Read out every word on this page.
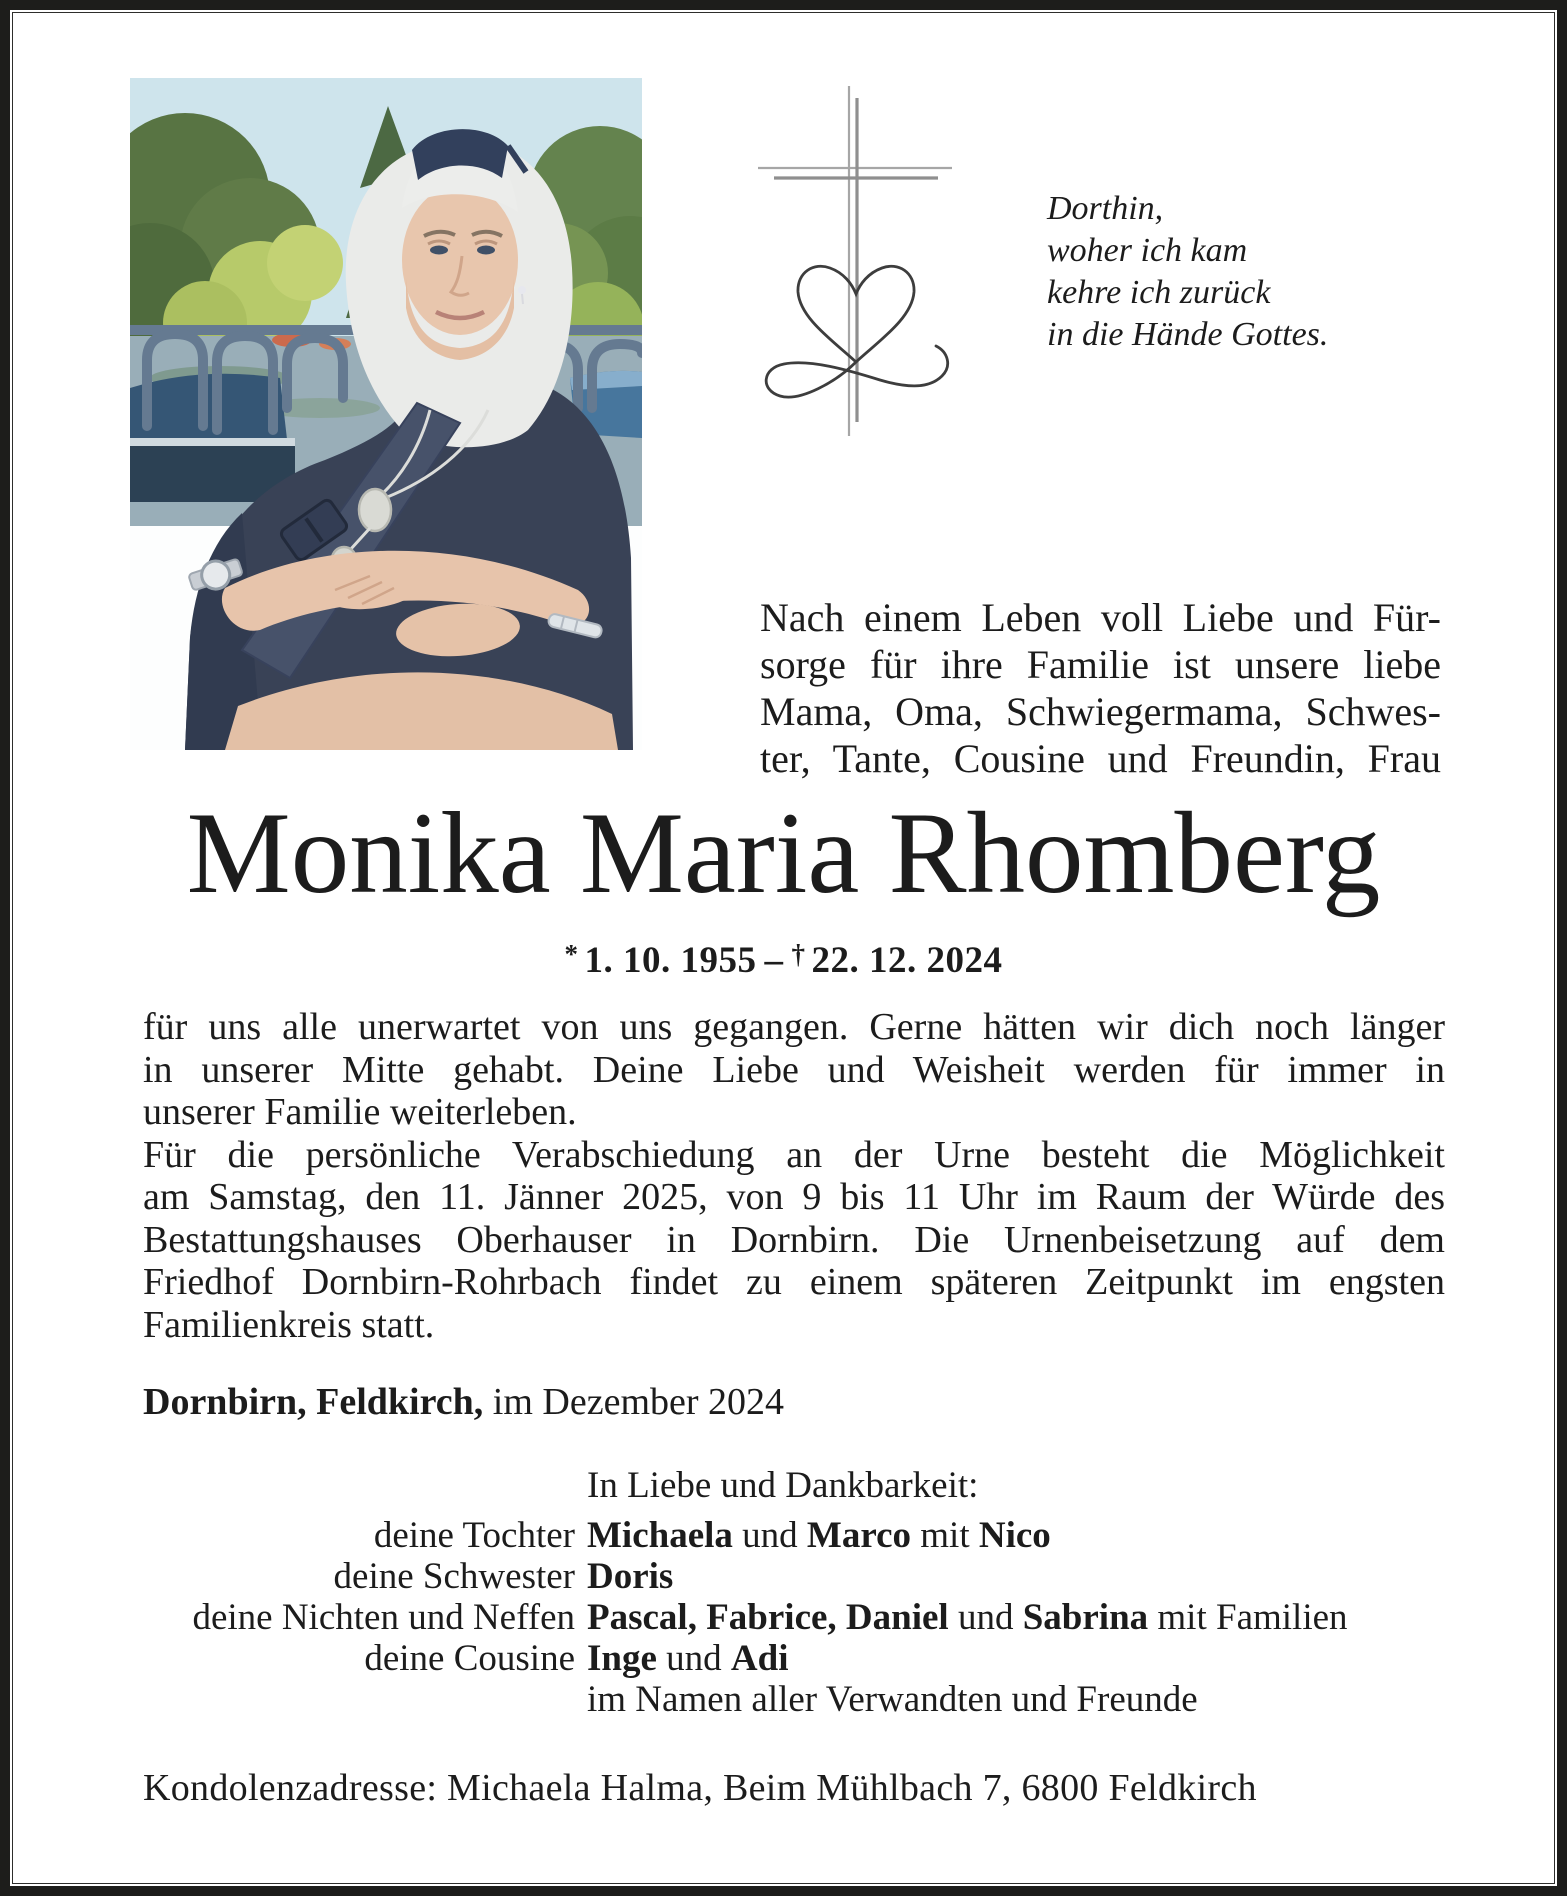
Dorthin,
woher ich kam
kehre ich zurück
in die Hände Gottes.
Nach einem Leben voll Liebe und Für-
sorge für ihre Familie ist unsere liebe
Mama, Oma, Schwiegermama, Schwes-
ter, Tante, Cousine und Freundin, Frau
Monika Maria Rhomberg
* 1. 10. 1955 – † 22. 12. 2024
für uns alle unerwartet von uns gegangen. Gerne hätten wir dich noch länger
in unserer Mitte gehabt. Deine Liebe und Weisheit werden für immer in
unserer Familie weiterleben.
Für die persönliche Verabschiedung an der Urne besteht die Möglichkeit
am Samstag, den 11. Jänner 2025, von 9 bis 11 Uhr im Raum der Würde des
Bestattungshauses Oberhauser in Dornbirn. Die Urnenbeisetzung auf dem
Friedhof Dornbirn-Rohrbach findet zu einem späteren Zeitpunkt im engsten
Familienkreis statt.
Dornbirn, Feldkirch, im Dezember 2024
In Liebe und Dankbarkeit:
deine Tochter Michaela und Marco mit Nico
deine Schwester Doris
deine Nichten und Neffen Pascal, Fabrice, Daniel und Sabrina mit Familien
deine Cousine Inge und Adi
im Namen aller Verwandten und Freunde
Kondolenzadresse: Michaela Halma, Beim Mühlbach 7, 6800 Feldkirch
